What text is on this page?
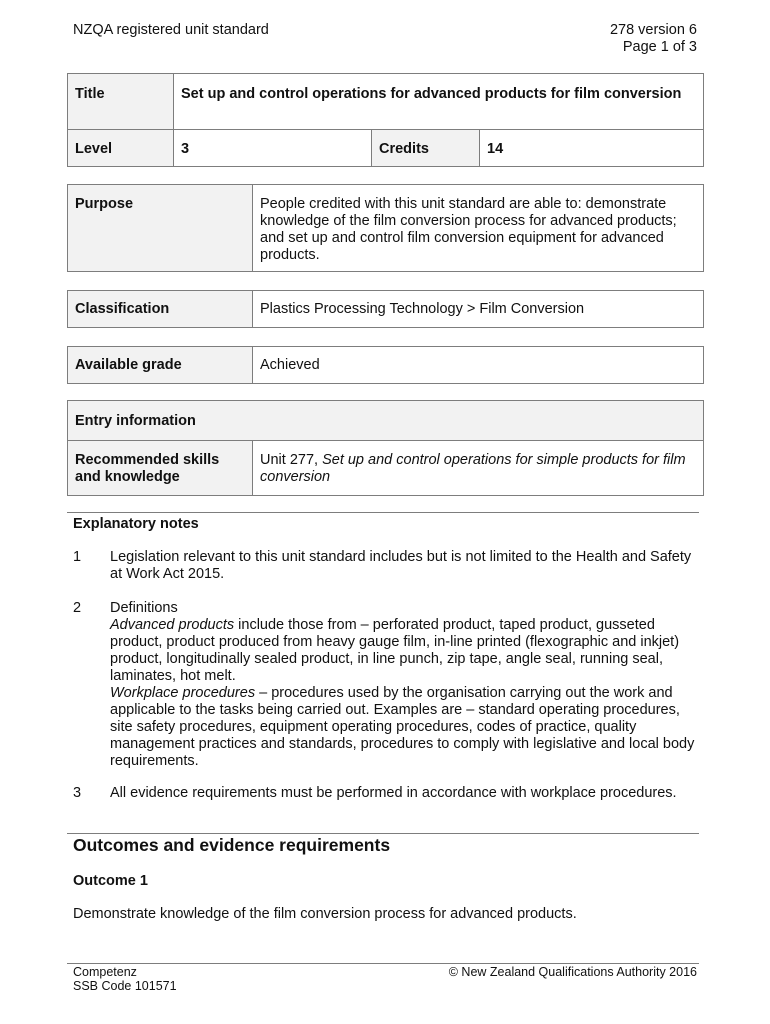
NZQA registered unit standard	278 version 6
Page 1 of 3
Title	Set up and control operations for advanced products for film conversion		
Level	3	Credits	14
Purpose	People credited with this unit standard are able to: demonstrate knowledge of the film conversion process for advanced products; and set up and control film conversion equipment for advanced products.
Classification	Plastics Processing Technology > Film Conversion
Available grade	Achieved
Entry information
Recommended skills and knowledge	Unit 277, Set up and control operations for simple products for film conversion
Explanatory notes
1 Legislation relevant to this unit standard includes but is not limited to the Health and Safety at Work Act 2015.
2 Definitions
Advanced products include those from – perforated product, taped product, gusseted product, product produced from heavy gauge film, in-line printed (flexographic and inkjet) product, longitudinally sealed product, in line punch, zip tape, angle seal, running seal, laminates, hot melt.
Workplace procedures – procedures used by the organisation carrying out the work and applicable to the tasks being carried out. Examples are – standard operating procedures, site safety procedures, equipment operating procedures, codes of practice, quality management practices and standards, procedures to comply with legislative and local body requirements.
3 All evidence requirements must be performed in accordance with workplace procedures.
Outcomes and evidence requirements
Outcome 1
Demonstrate knowledge of the film conversion process for advanced products.
Competenz
SSB Code 101571
© New Zealand Qualifications Authority 2016
